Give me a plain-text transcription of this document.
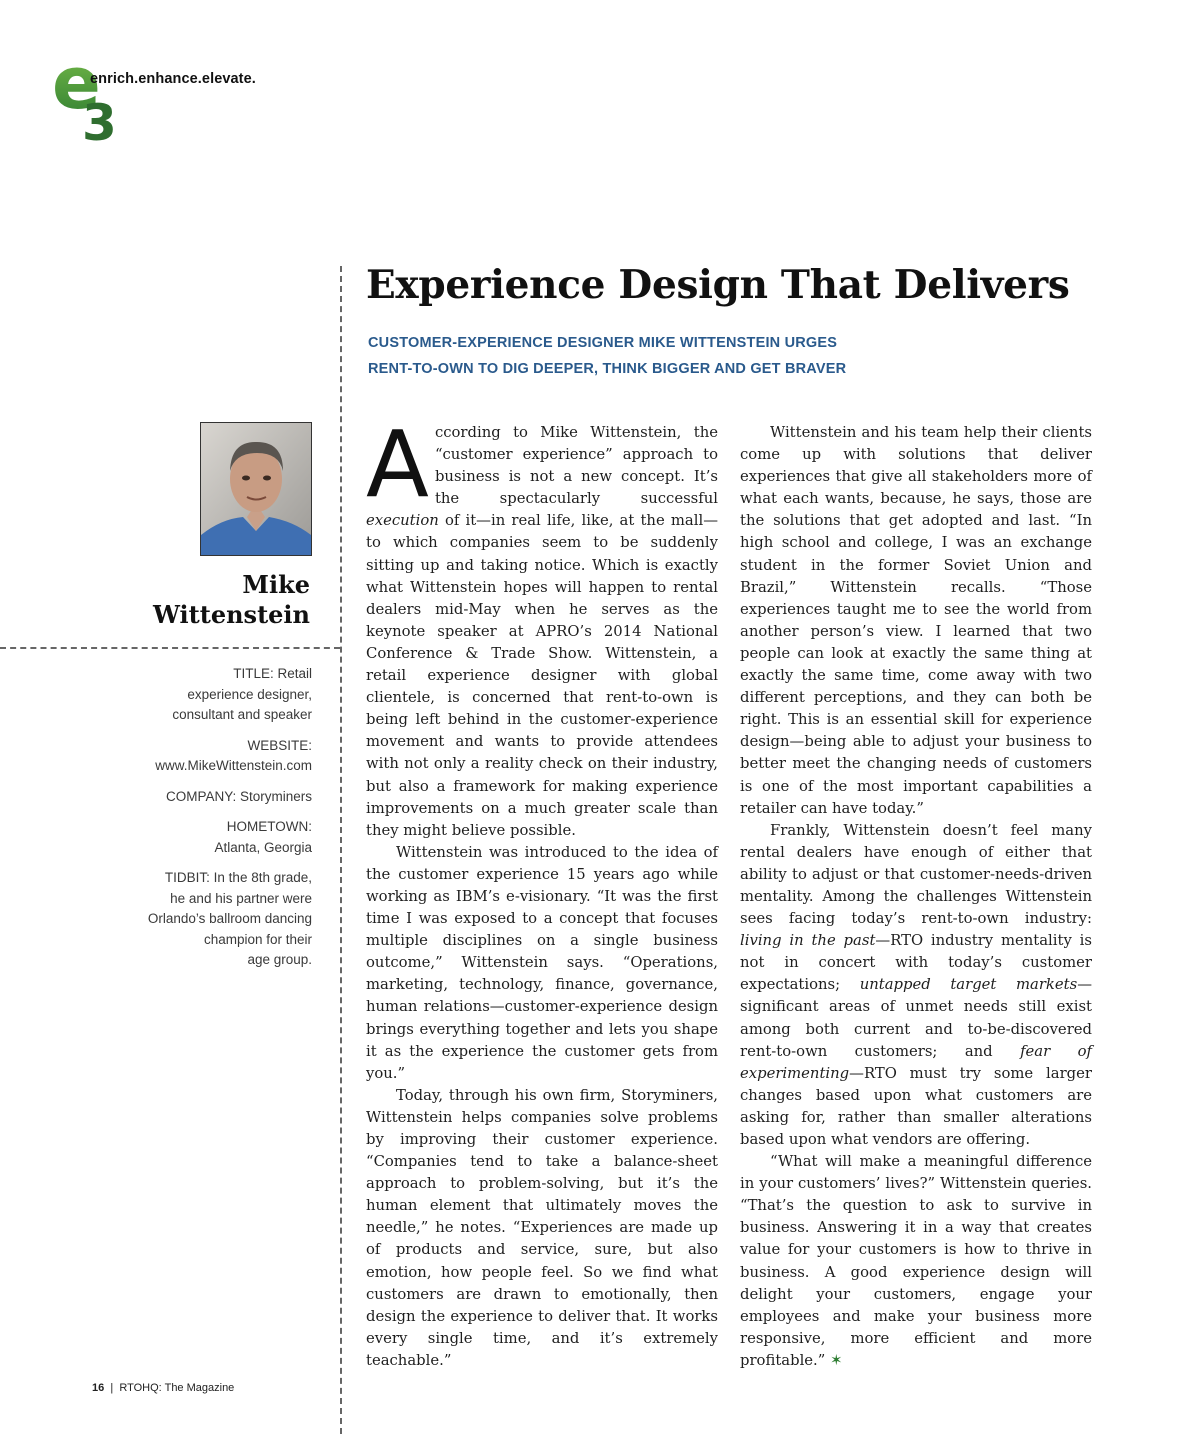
e
3
enrich.enhance.elevate.
Experience Design That Delivers
CUSTOMER-EXPERIENCE DESIGNER MIKE WITTENSTEIN URGES
RENT-TO-OWN TO DIG DEEPER, THINK BIGGER AND GET BRAVER
Mike
Wittenstein

TITLE: Retail
experience designer,
consultant and speaker

WEBSITE:
www.MikeWittenstein.com

COMPANY: Storyminers

HOMETOWN:
Atlanta, Georgia

TIDBIT: In the 8th grade,
he and his partner were
Orlando’s ballroom dancing
champion for their
age group.

According to Mike Wittenstein, the “customer experience” approach to business is not a new concept. It’s the spectacularly successful execution of it—in real life, like, at the mall—to which companies seem to be suddenly sitting up and taking notice. Which is exactly what Wittenstein hopes will happen to rental dealers mid-May when he serves as the keynote speaker at APRO’s 2014 National Conference & Trade Show. Wittenstein, a retail experience designer with global clientele, is concerned that rent-to-own is being left behind in the customer-experience movement and wants to provide attendees with not only a reality check on their industry, but also a framework for making experience improvements on a much greater scale than they might believe possible.

Wittenstein was introduced to the idea of the customer experience 15 years ago while working as IBM’s e-visionary. “It was the first time I was exposed to a concept that focuses multiple disciplines on a single business outcome,” Wittenstein says. “Operations, marketing, technology, finance, governance, human relations—customer-experience design brings everything together and lets you shape it as the experience the customer gets from you.”

Today, through his own firm, Storyminers, Wittenstein helps companies solve problems by improving their customer experience. “Companies tend to take a balance-sheet approach to problem-solving, but it’s the human element that ultimately moves the needle,” he notes. “Experiences are made up of products and service, sure, but also emotion, how people feel. So we find what customers are drawn to emotionally, then design the experience to deliver that. It works every single time, and it’s extremely teachable.”

Wittenstein and his team help their clients come up with solutions that deliver experiences that give all stakeholders more of what each wants, because, he says, those are the solutions that get adopted and last. “In high school and college, I was an exchange student in the former Soviet Union and Brazil,” Wittenstein recalls. “Those experiences taught me to see the world from another person’s view. I learned that two people can look at exactly the same thing at exactly the same time, come away with two different perceptions, and they can both be right. This is an essential skill for experience design—being able to adjust your business to better meet the changing needs of customers is one of the most important capabilities a retailer can have today.”

Frankly, Wittenstein doesn’t feel many rental dealers have enough of either that ability to adjust or that customer-needs-driven mentality. Among the challenges Wittenstein sees facing today’s rent-to-own industry: living in the past—RTO industry mentality is not in concert with today’s customer expectations; untapped target markets—significant areas of unmet needs still exist among both current and to-be-discovered rent-to-own customers; and fear of experimenting—RTO must try some larger changes based upon what customers are asking for, rather than smaller alterations based upon what vendors are offering.

“What will make a meaningful difference in your customers’ lives?” Wittenstein queries. “That’s the question to ask to survive in business. Answering it in a way that creates value for your customers is how to thrive in business. A good experience design will delight your customers, engage your employees and make your business more responsive, more efficient and more profitable.” ✶

16 | RTOHQ: The Magazine
